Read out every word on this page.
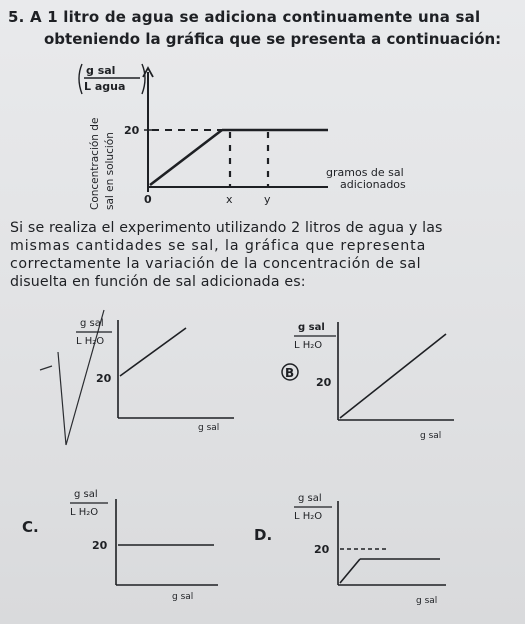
5. A 1 litro de agua se adiciona continuamente una sal

obteniendo la gráfica que se presenta a continuación:

g sal
L agua
Concentración de sal en solución
20
0	x	y
gramos de sal
adicionados

Si se realiza el experimento utilizando 2 litros de agua y las

mismas cantidades se sal, la gráfica que representa

correctamente la variación de la concentración de sal

disuelta en función de sal adicionada es:

g sal
L H₂O
20
g sal
B
g sal
L H₂O
20
g sal
C.
g sal
L H₂O
20
g sal
D.
g sal
L H₂O
20
g sal
